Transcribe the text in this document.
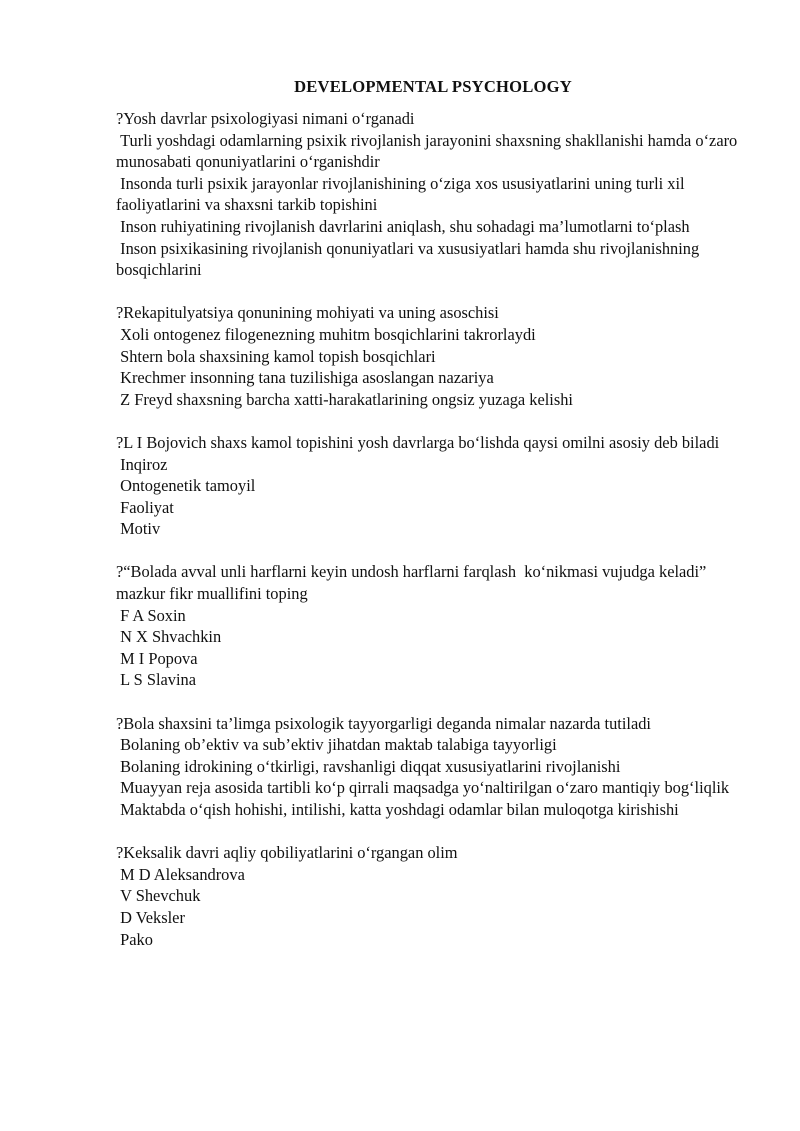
DEVELOPMENTAL PSYCHOLOGY

?Yosh davrlar psixologiyasi nimani o‘rganadi

Turli yoshdagi odamlarning psixik rivojlanish jarayonini shaxsning shakllanishi hamda o‘zaro munosabati qonuniyatlarini o‘rganishdir

Insonda turli psixik jarayonlar rivojlanishining o‘ziga xos ususiyatlarini uning turli xil faoliyatlarini va shaxsni tarkib topishini

Inson ruhiyatining rivojlanish davrlarini aniqlash, shu sohadagi ma’lumotlarni to‘plash

Inson psixikasining rivojlanish qonuniyatlari va xususiyatlari hamda shu rivojlanishning bosqichlarini

?Rekapitulyatsiya qonunining mohiyati va uning asoschisi

Xoli ontogenez filogenezning muhitm bosqichlarini takrorlaydi

Shtern bola shaxsining kamol topish bosqichlari

Krechmer insonning tana tuzilishiga asoslangan nazariya

Z Freyd shaxsning barcha xatti-harakatlarining ongsiz yuzaga kelishi

?L I Bojovich shaxs kamol topishini yosh davrlarga bo‘lishda qaysi omilni asosiy deb biladi

Inqiroz

Ontogenetik tamoyil

Faoliyat

Motiv

?“Bolada avval unli harflarni keyin undosh harflarni farqlash  ko‘nikmasi vujudga keladi” mazkur fikr muallifini toping

F A Soxin

N X Shvachkin

M I Popova

L S Slavina

?Bola shaxsini ta’limga psixologik tayyorgarligi deganda nimalar nazarda tutiladi

Bolaning ob’ektiv va sub’ektiv jihatdan maktab talabiga tayyorligi

Bolaning idrokining o‘tkirligi, ravshanligi diqqat xususiyatlarini rivojlanishi

Muayyan reja asosida tartibli ko‘p qirrali maqsadga yo‘naltirilgan o‘zaro mantiqiy bog‘liqlik

Maktabda o‘qish hohishi, intilishi, katta yoshdagi odamlar bilan muloqotga kirishishi

?Keksalik davri aqliy qobiliyatlarini o‘rgangan olim

M D Aleksandrova

V Shevchuk

D Veksler

Pako
